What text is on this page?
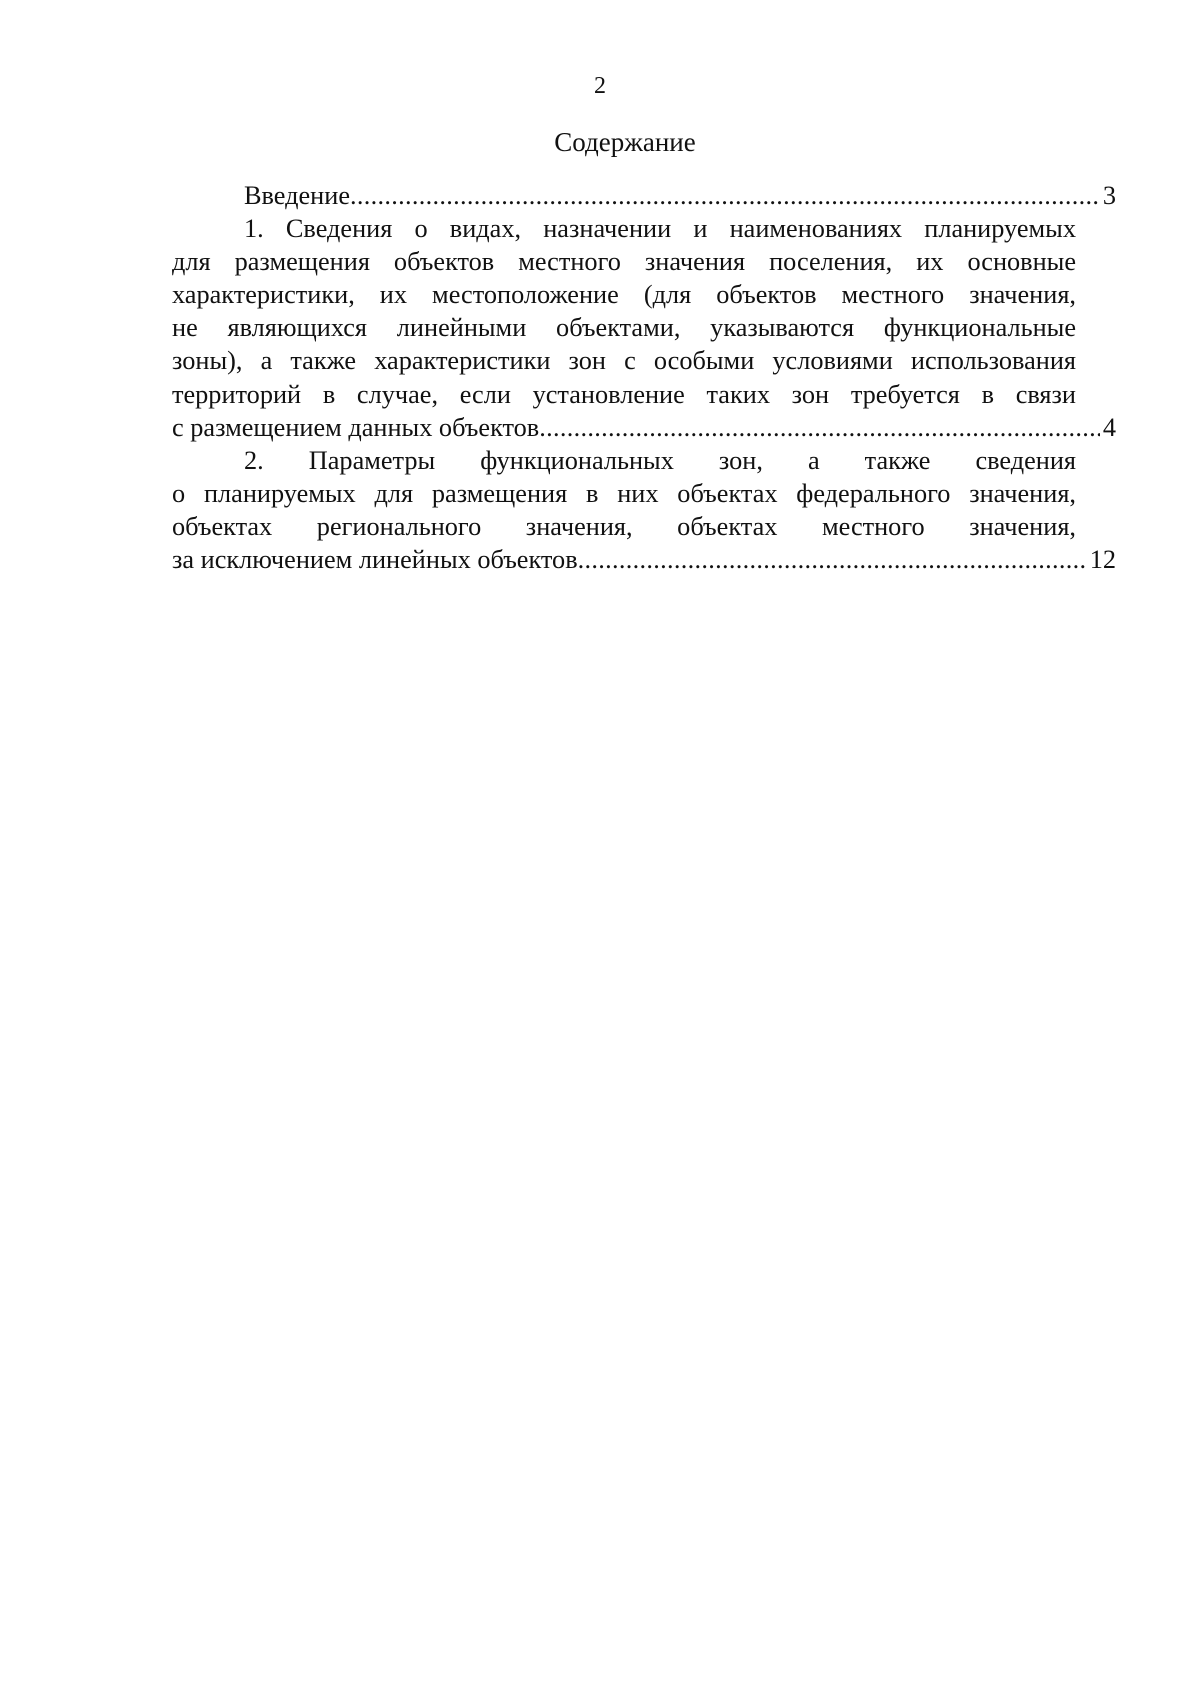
2
Содержание
Введение .....	3
1. Сведения о видах, назначении и наименованиях планируемых
для размещения объектов местного значения поселения, их основные
характеристики, их местоположение (для объектов местного значения,
не являющихся линейными объектами, указываются функциональные
зоны), а также характеристики зон с особыми условиями использования
территорий в случае, если установление таких зон требуется в связи
с размещением данных объектов .....	4
2. Параметры функциональных зон, а также сведения
о планируемых для размещения в них объектах федерального значения,
объектах регионального значения, объектах местного значения,
за исключением линейных объектов .....	12
